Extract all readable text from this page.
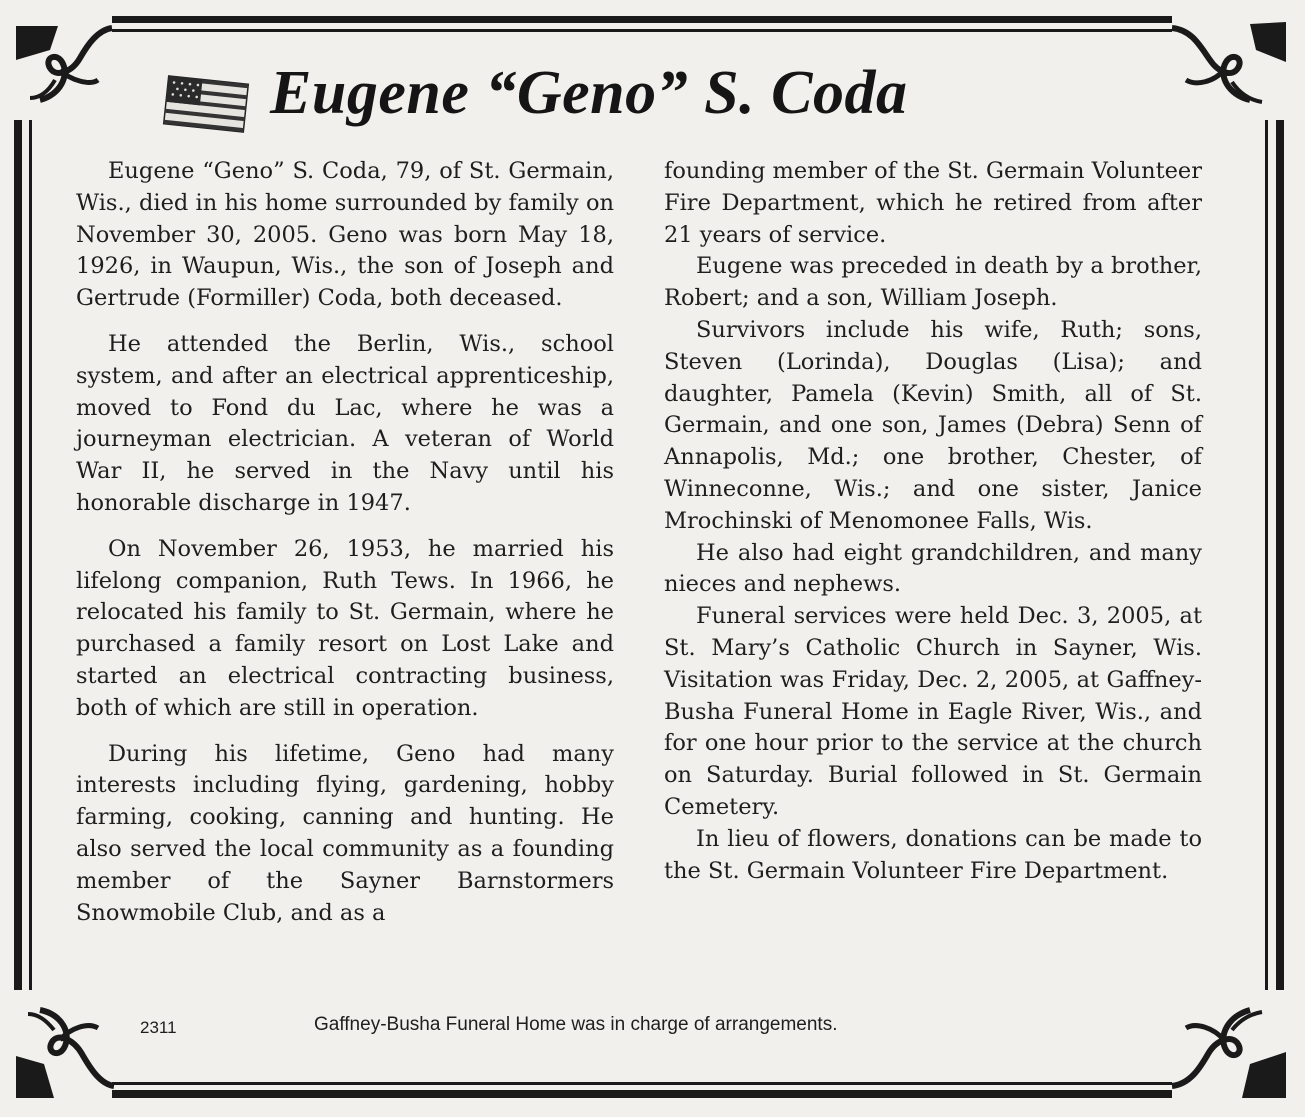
Eugene “Geno” S. Coda

Eugene “Geno” S. Coda, 79, of St. Germain, Wis., died in his home surrounded by family on November 30, 2005. Geno was born May 18, 1926, in Waupun, Wis., the son of Joseph and Gertrude (Formiller) Coda, both deceased.

He attended the Berlin, Wis., school system, and after an electrical apprenticeship, moved to Fond du Lac, where he was a journeyman electrician. A veteran of World War II, he served in the Navy until his honorable discharge in 1947.

On November 26, 1953, he married his lifelong companion, Ruth Tews. In 1966, he relocated his family to St. Germain, where he purchased a family resort on Lost Lake and started an electrical contracting business, both of which are still in operation.

During his lifetime, Geno had many interests including flying, gardening, hobby farming, cooking, canning and hunting. He also served the local community as a founding member of the Sayner Barnstormers Snowmobile Club, and as a

founding member of the St. Germain Volunteer Fire Department, which he retired from after 21 years of service.

Eugene was preceded in death by a brother, Robert; and a son, William Joseph.

Survivors include his wife, Ruth; sons, Steven (Lorinda), Douglas (Lisa); and daughter, Pamela (Kevin) Smith, all of St. Germain, and one son, James (Debra) Senn of Annapolis, Md.; one brother, Chester, of Winneconne, Wis.; and one sister, Janice Mrochinski of Menomonee Falls, Wis.

He also had eight grandchildren, and many nieces and nephews.

Funeral services were held Dec. 3, 2005, at St. Mary’s Catholic Church in Sayner, Wis. Visitation was Friday, Dec. 2, 2005, at Gaffney-Busha Funeral Home in Eagle River, Wis., and for one hour prior to the service at the church on Saturday. Burial followed in St. Germain Cemetery.

In lieu of flowers, donations can be made to the St. Germain Volunteer Fire Department.

2311	Gaffney-Busha Funeral Home was in charge of arrangements.
